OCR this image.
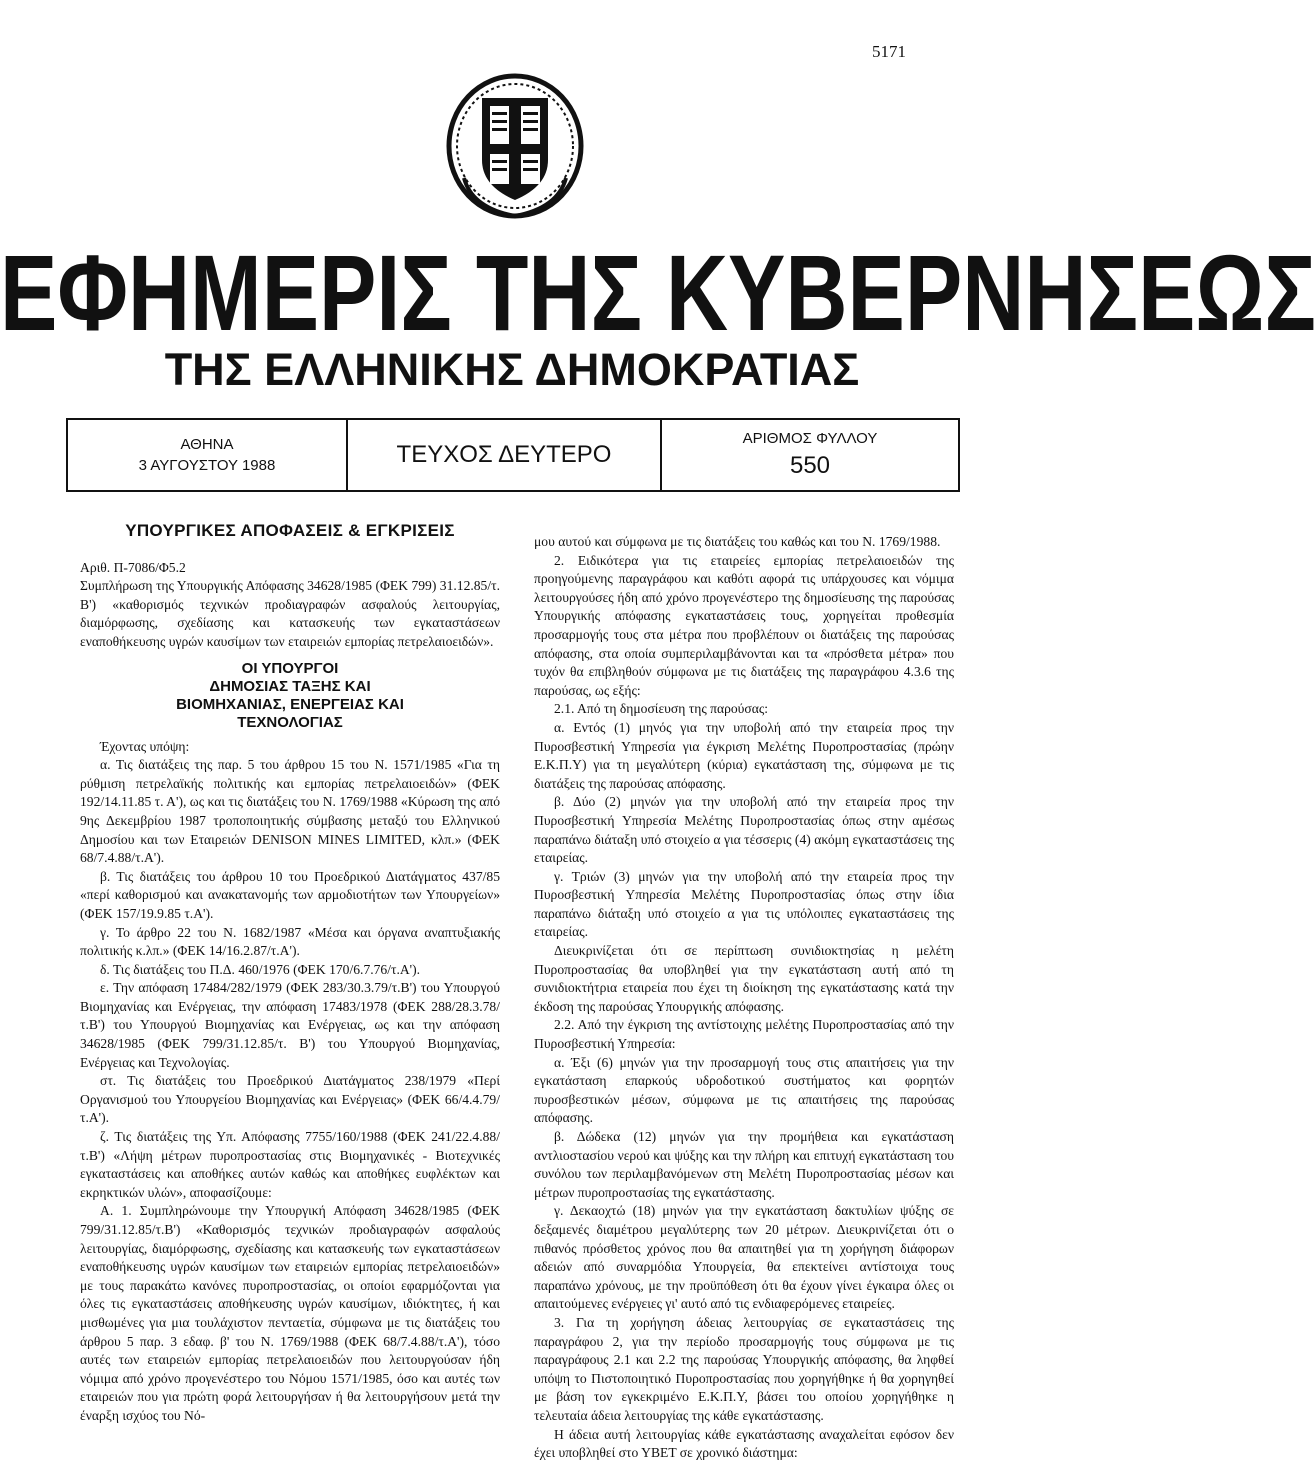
5171
ΕΦΗΜΕΡΙΣ ΤΗΣ ΚΥΒΕΡΝΗΣΕΩΣ
ΤΗΣ ΕΛΛΗΝΙΚΗΣ ΔΗΜΟΚΡΑΤΙΑΣ
ΑΘΗΝΑ
3 ΑΥΓΟΥΣΤΟΥ 1988	ΤΕΥΧΟΣ ΔΕΥΤΕΡΟ
ΑΡΙΘΜΟΣ ΦΥΛΛΟΥ
550

ΥΠΟΥΡΓΙΚΕΣ ΑΠΟΦΑΣΕΙΣ & ΕΓΚΡΙΣΕΙΣ

Αριθ. Π-7086/Φ5.2

Συμπλήρωση της Υπουργικής Απόφασης 34628/1985 (ΦΕΚ 799) 31.12.85/τ. Β') «καθορισμός τεχνικών προδιαγραφών ασφαλούς λειτουργίας, διαμόρφωσης, σχεδίασης και κατασκευής των εγκαταστάσεων εναποθήκευσης υγρών καυσίμων των εταιρειών εμπορίας πετρελαιοειδών».

ΟΙ ΥΠΟΥΡΓΟΙ
ΔΗΜΟΣΙΑΣ ΤΑΞΗΣ ΚΑΙ
ΒΙΟΜΗΧΑΝΙΑΣ, ΕΝΕΡΓΕΙΑΣ ΚΑΙ
ΤΕΧΝΟΛΟΓΙΑΣ

Έχοντας υπόψη:

α. Τις διατάξεις της παρ. 5 του άρθρου 15 του Ν. 1571/1985 «Για τη ρύθμιση πετρελαϊκής πολιτικής και εμπορίας πετρελαιοειδών» (ΦΕΚ 192/14.11.85 τ. Α'), ως και τις διατάξεις του Ν. 1769/1988 «Κύρωση της από 9ης Δεκεμβρίου 1987 τροποποιητικής σύμβασης μεταξύ του Ελληνικού Δημοσίου και των Εταιρειών DENISON MINES LIMITED, κλπ.» (ΦΕΚ 68/7.4.88/τ.Α').

β. Τις διατάξεις του άρθρου 10 του Προεδρικού Διατάγματος 437/85 «περί καθορισμού και ανακατανομής των αρμοδιοτήτων των Υπουργείων» (ΦΕΚ 157/19.9.85 τ.Α').

γ. Το άρθρο 22 του Ν. 1682/1987 «Μέσα και όργανα αναπτυξιακής πολιτικής κ.λπ.» (ΦΕΚ 14/16.2.87/τ.Α').

δ. Τις διατάξεις του Π.Δ. 460/1976 (ΦΕΚ 170/6.7.76/τ.Α').

ε. Την απόφαση 17484/282/1979 (ΦΕΚ 283/30.3.79/τ.Β') του Υπουργού Βιομηχανίας και Ενέργειας, την απόφαση 17483/1978 (ΦΕΚ 288/28.3.78/τ.Β') του Υπουργού Βιομηχανίας και Ενέργειας, ως και την απόφαση 34628/1985 (ΦΕΚ 799/31.12.85/τ. Β') του Υπουργού Βιομηχανίας, Ενέργειας και Τεχνολογίας.

στ. Τις διατάξεις του Προεδρικού Διατάγματος 238/1979 «Περί Οργανισμού του Υπουργείου Βιομηχανίας και Ενέργειας» (ΦΕΚ 66/4.4.79/τ.Α').

ζ. Τις διατάξεις της Υπ. Απόφασης 7755/160/1988 (ΦΕΚ 241/22.4.88/τ.Β') «Λήψη μέτρων πυροπροστασίας στις Βιομηχανικές - Βιοτεχνικές εγκαταστάσεις και αποθήκες αυτών καθώς και αποθήκες ευφλέκτων και εκρηκτικών υλών», αποφασίζουμε:

Α. 1. Συμπληρώνουμε την Υπουργική Απόφαση 34628/1985 (ΦΕΚ 799/31.12.85/τ.Β') «Καθορισμός τεχνικών προδιαγραφών ασφαλούς λειτουργίας, διαμόρφωσης, σχεδίασης και κατασκευής των εγκαταστάσεων εναποθήκευσης υγρών καυσίμων των εταιρειών εμπορίας πετρελαιοειδών» με τους παρακάτω κανόνες πυροπροστασίας, οι οποίοι εφαρμόζονται για όλες τις εγκαταστάσεις αποθήκευσης υγρών καυσίμων, ιδιόκτητες, ή και μισθωμένες για μια τουλάχιστον πενταετία, σύμφωνα με τις διατάξεις του άρθρου 5 παρ. 3 εδαφ. β' του Ν. 1769/1988 (ΦΕΚ 68/7.4.88/τ.Α'), τόσο αυτές των εταιρειών εμπορίας πετρελαιοειδών που λειτουργούσαν ήδη νόμιμα από χρόνο προγενέστερο του Νόμου 1571/1985, όσο και αυτές των εταιρειών που για πρώτη φορά λειτουργήσαν ή θα λειτουργήσουν μετά την έναρξη ισχύος του Νό-

μου αυτού και σύμφωνα με τις διατάξεις του καθώς και του Ν. 1769/1988.

2. Ειδικότερα για τις εταιρείες εμπορίας πετρελαιοειδών της προηγούμενης παραγράφου και καθότι αφορά τις υπάρχουσες και νόμιμα λειτουργούσες ήδη από χρόνο προγενέστερο της δημοσίευσης της παρούσας Υπουργικής απόφασης εγκαταστάσεις τους, χορηγείται προθεσμία προσαρμογής τους στα μέτρα που προβλέπουν οι διατάξεις της παρούσας απόφασης, στα οποία συμπεριλαμβάνονται και τα «πρόσθετα μέτρα» που τυχόν θα επιβληθούν σύμφωνα με τις διατάξεις της παραγράφου 4.3.6 της παρούσας, ως εξής:

2.1. Από τη δημοσίευση της παρούσας:

α. Εντός (1) μηνός για την υποβολή από την εταιρεία προς την Πυροσβεστική Υπηρεσία για έγκριση Μελέτης Πυροπροστασίας (πρώην Ε.Κ.Π.Υ) για τη μεγαλύτερη (κύρια) εγκατάσταση της, σύμφωνα με τις διατάξεις της παρούσας απόφασης.

β. Δύο (2) μηνών για την υποβολή από την εταιρεία προς την Πυροσβεστική Υπηρεσία Μελέτης Πυροπροστασίας όπως στην αμέσως παραπάνω διάταξη υπό στοιχείο α για τέσσερις (4) ακόμη εγκαταστάσεις της εταιρείας.

γ. Τριών (3) μηνών για την υποβολή από την εταιρεία προς την Πυροσβεστική Υπηρεσία Μελέτης Πυροπροστασίας όπως στην ίδια παραπάνω διάταξη υπό στοιχείο α για τις υπόλοιπες εγκαταστάσεις της εταιρείας.

Διευκρινίζεται ότι σε περίπτωση συνιδιοκτησίας η μελέτη Πυροπροστασίας θα υποβληθεί για την εγκατάσταση αυτή από τη συνιδιοκτήτρια εταιρεία που έχει τη διοίκηση της εγκατάστασης κατά την έκδοση της παρούσας Υπουργικής απόφασης.

2.2. Από την έγκριση της αντίστοιχης μελέτης Πυροπροστασίας από την Πυροσβεστική Υπηρεσία:

α. Έξι (6) μηνών για την προσαρμογή τους στις απαιτήσεις για την εγκατάσταση επαρκούς υδροδοτικού συστήματος και φορητών πυροσβεστικών μέσων, σύμφωνα με τις απαιτήσεις της παρούσας απόφασης.

β. Δώδεκα (12) μηνών για την προμήθεια και εγκατάσταση αντλιοστασίου νερού και ψύξης και την πλήρη και επιτυχή εγκατάσταση του συνόλου των περιλαμβανόμενων στη Μελέτη Πυροπροστασίας μέσων και μέτρων πυροπροστασίας της εγκατάστασης.

γ. Δεκαοχτώ (18) μηνών για την εγκατάσταση δακτυλίων ψύξης σε δεξαμενές διαμέτρου μεγαλύτερης των 20 μέτρων. Διευκρινίζεται ότι ο πιθανός πρόσθετος χρόνος που θα απαιτηθεί για τη χορήγηση διάφορων αδειών από συναρμόδια Υπουργεία, θα επεκτείνει αντίστοιχα τους παραπάνω χρόνους, με την προϋπόθεση ότι θα έχουν γίνει έγκαιρα όλες οι απαιτούμενες ενέργειες γι' αυτό από τις ενδιαφερόμενες εταιρείες.

3. Για τη χορήγηση άδειας λειτουργίας σε εγκαταστάσεις της παραγράφου 2, για την περίοδο προσαρμογής τους σύμφωνα με τις παραγράφους 2.1 και 2.2 της παρούσας Υπουργικής απόφασης, θα ληφθεί υπόψη το Πιστοποιητικό Πυροπροστασίας που χορηγήθηκε ή θα χορηγηθεί με βάση τον εγκεκριμένο Ε.Κ.Π.Υ, βάσει του οποίου χορηγήθηκε η τελευταία άδεια λειτουργίας της κάθε εγκατάστασης.

Η άδεια αυτή λειτουργίας κάθε εγκατάστασης αναχαλείται εφόσον δεν έχει υποβληθεί στο ΥΒΕΤ σε χρονικό διάστημα:
